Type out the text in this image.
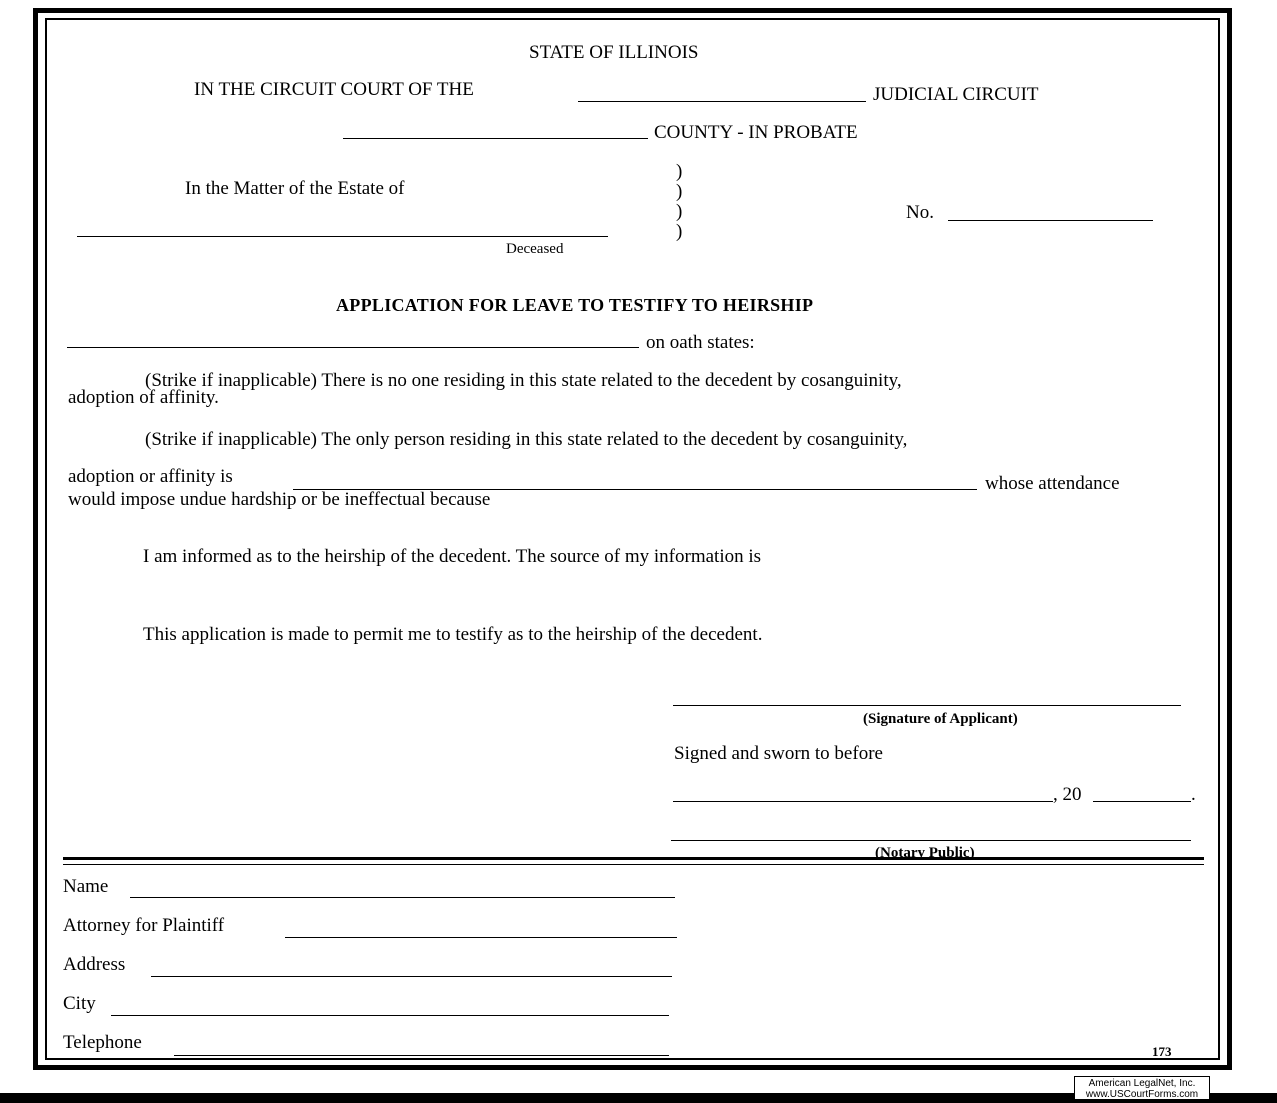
STATE OF ILLINOIS
IN THE CIRCUIT COURT OF THE	JUDICIAL CIRCUIT
COUNTY - IN PROBATE
In the Matter of the Estate of
Deceased
)
)
)
)
No.
APPLICATION FOR LEAVE TO TESTIFY TO HEIRSHIP
on oath states:
(Strike if inapplicable) There is no one residing in this state related to the decedent by cosanguinity,
adoption of affinity.
(Strike if inapplicable) The only person residing in this state related to the decedent by cosanguinity,
adoption or affinity is	whose attendance
would impose undue hardship or be ineffectual because
I am informed as to the heirship of the decedent. The source of my information is
This application is made to permit me to testify as to the heirship of the decedent.
(Signature of Applicant)
Signed and sworn to before
, 20	.
(Notary Public)
Name
Attorney for Plaintiff
Address
City
Telephone	173
American LegalNet, Inc.
www.USCourtForms.com
